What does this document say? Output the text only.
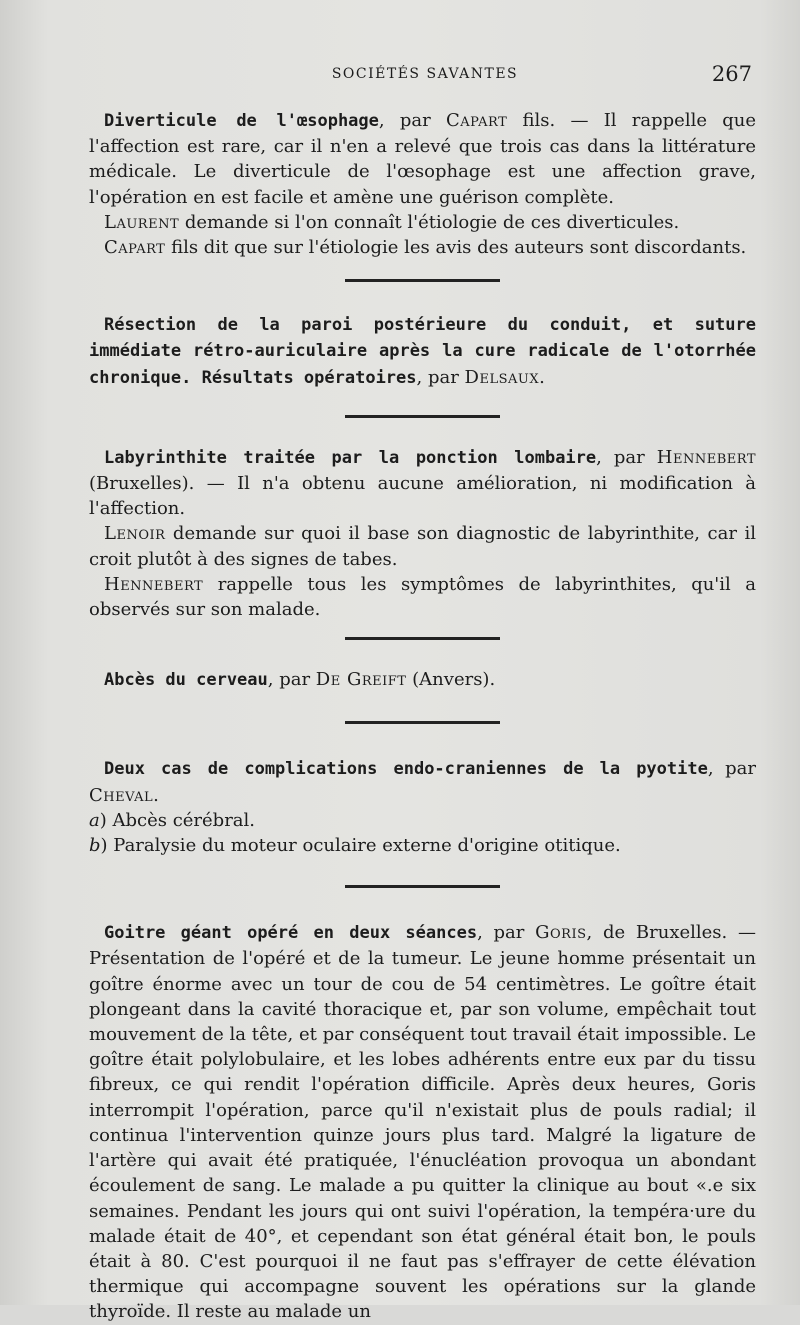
SOCIÉTÉS SAVANTES	267

Diverticule de l'œsophage, par Capart fils. — Il rappelle que l'affection est rare, car il n'en a relevé que trois cas dans la littérature médicale. Le diverticule de l'œsophage est une affection grave, l'opération en est facile et amène une guérison complète.

Laurent demande si l'on connaît l'étiologie de ces diverticules.

Capart fils dit que sur l'étiologie les avis des auteurs sont discordants.

Résection de la paroi postérieure du conduit, et suture immédiate rétro-auriculaire après la cure radicale de l'otorrhée chronique. Résultats opératoires, par Delsaux.

Labyrinthite traitée par la ponction lombaire, par Hennebert (Bruxelles). — Il n'a obtenu aucune amélioration, ni modification à l'affection.

Lenoir demande sur quoi il base son diagnostic de labyrinthite, car il croit plutôt à des signes de tabes.

Hennebert rappelle tous les symptômes de labyrinthites, qu'il a observés sur son malade.

Abcès du cerveau, par De Greift (Anvers).

Deux cas de complications endo-craniennes de la pyotite, par Cheval.

a) Abcès cérébral.

b) Paralysie du moteur oculaire externe d'origine otitique.

Goitre géant opéré en deux séances, par Goris, de Bruxelles. — Présentation de l'opéré et de la tumeur. Le jeune homme présentait un goître énorme avec un tour de cou de 54 centimètres. Le goître était plongeant dans la cavité thoracique et, par son volume, empêchait tout mouvement de la tête, et par conséquent tout travail était impossible. Le goître était polylobulaire, et les lobes adhérents entre eux par du tissu fibreux, ce qui rendit l'opération difficile. Après deux heures, Goris interrompit l'opération, parce qu'il n'existait plus de pouls radial; il continua l'intervention quinze jours plus tard. Malgré la ligature de l'artère qui avait été pratiquée, l'énucléation provoqua un abondant écoulement de sang. Le malade a pu quitter la clinique au bout «.e six semaines. Pendant les jours qui ont suivi l'opération, la tempéra·ure du malade était de 40°, et cependant son état général était bon, le pouls était à 80. C'est pourquoi il ne faut pas s'effrayer de cette élévation thermique qui accompagne souvent les opérations sur la glande thyroïde. Il reste au malade un
